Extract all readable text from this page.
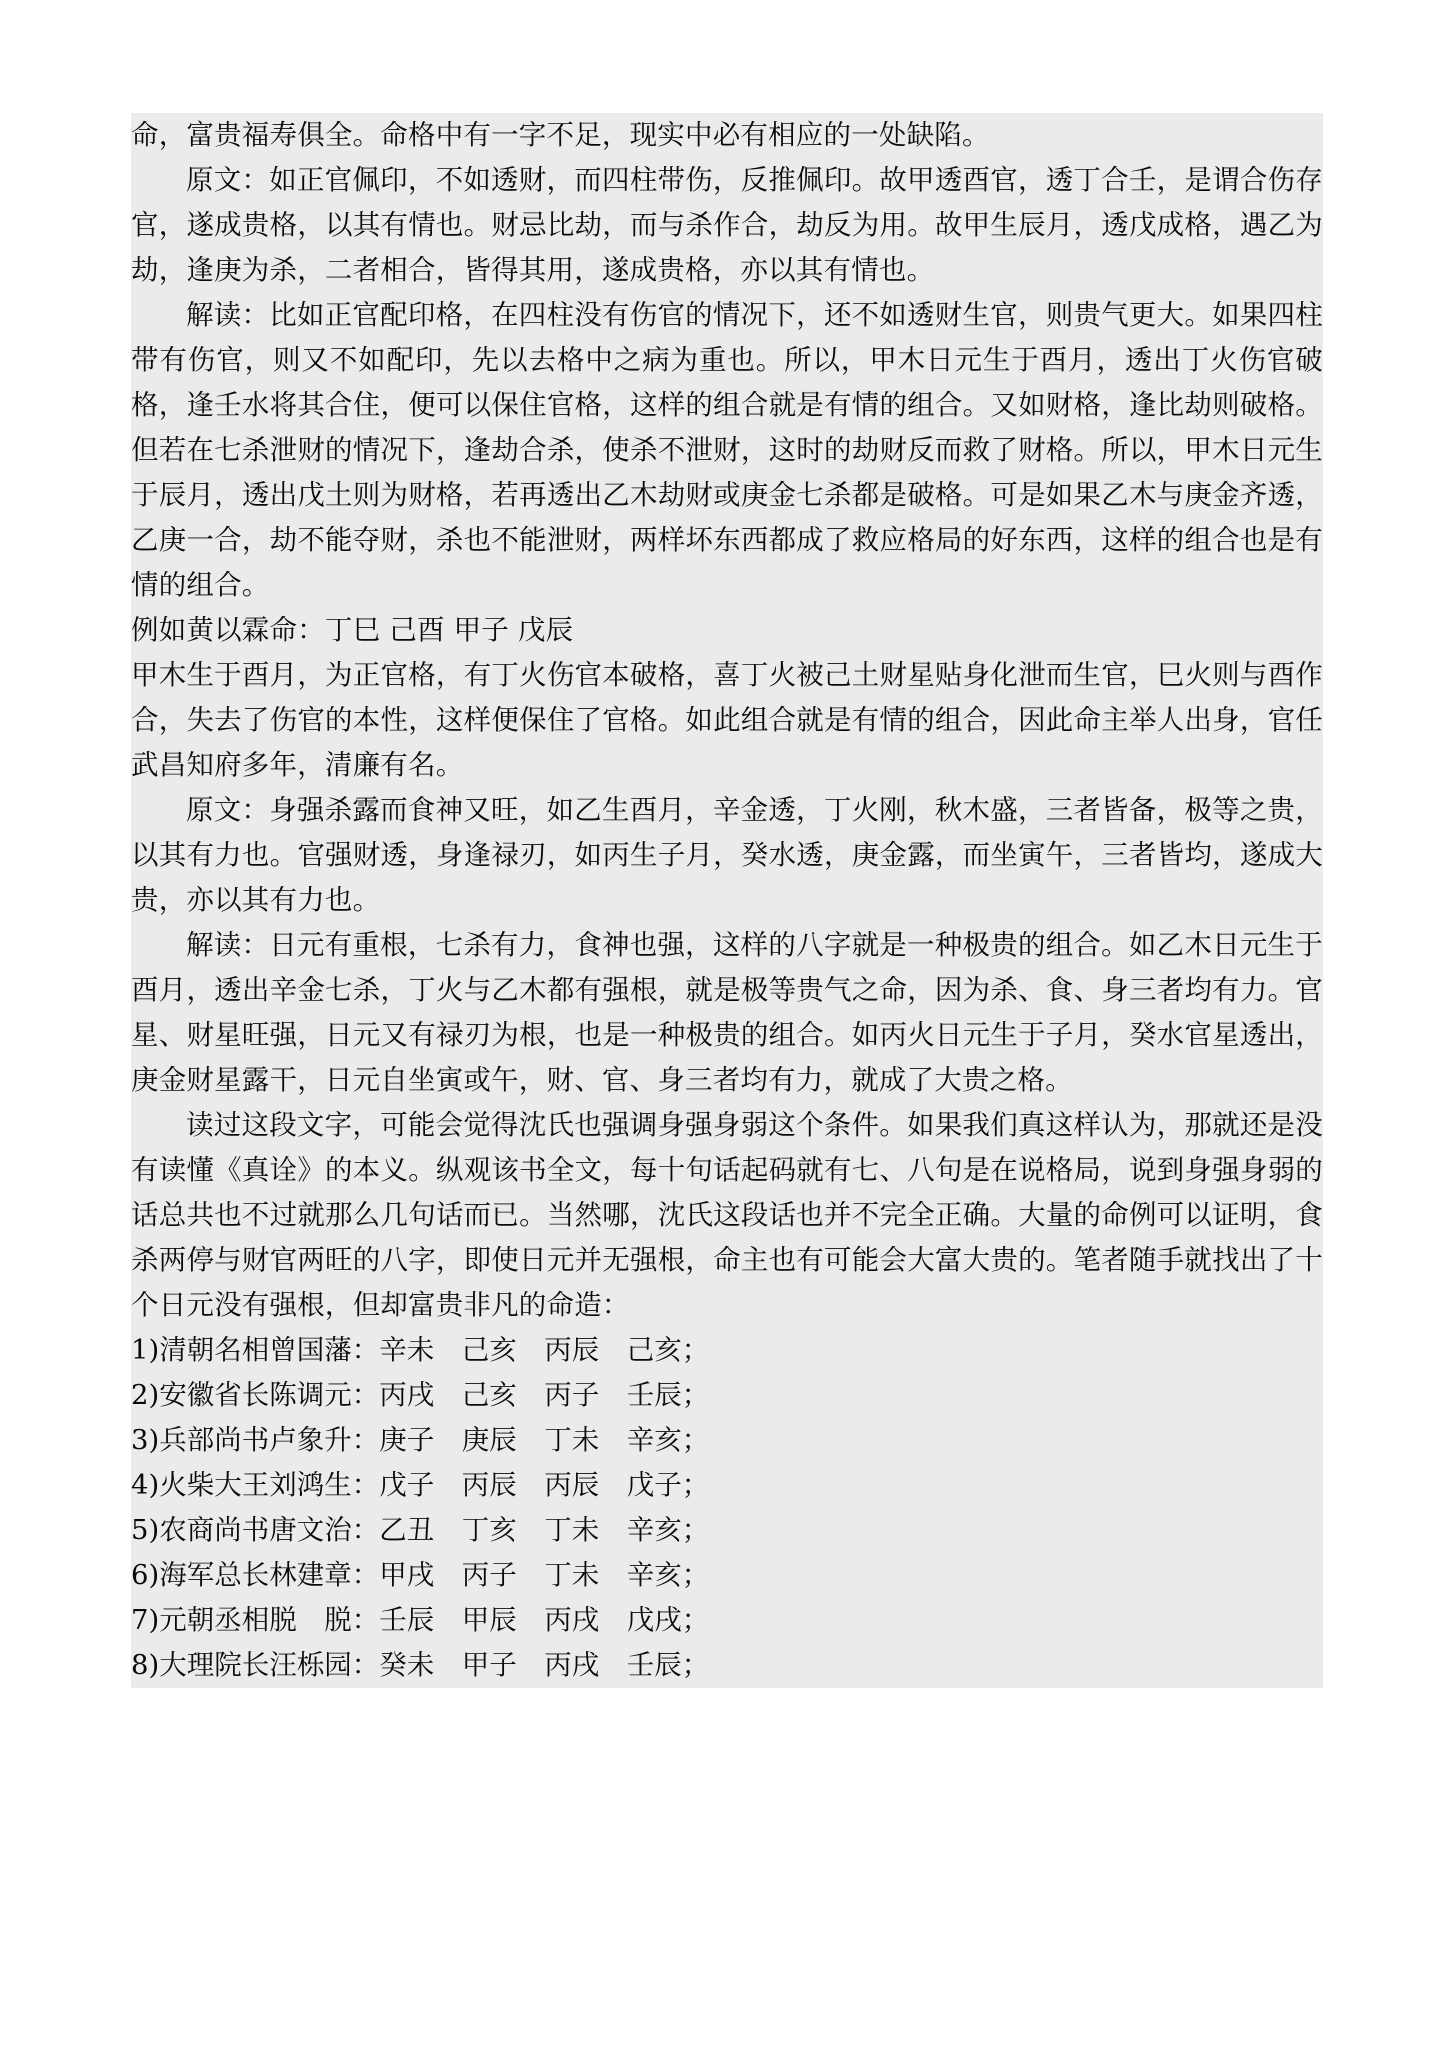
命，富贵福寿俱全。命格中有一字不足，现实中必有相应的一处缺陷。

原文：如正官佩印，不如透财，而四柱带伤，反推佩印。故甲透酉官，透丁合壬，是谓合伤存官，遂成贵格，以其有情也。财忌比劫，而与杀作合，劫反为用。故甲生辰月，透戊成格，遇乙为劫，逢庚为杀，二者相合，皆得其用，遂成贵格，亦以其有情也。

解读：比如正官配印格，在四柱没有伤官的情况下，还不如透财生官，则贵气更大。如果四柱带有伤官，则又不如配印，先以去格中之病为重也。所以，甲木日元生于酉月，透出丁火伤官破格，逢壬水将其合住，便可以保住官格，这样的组合就是有情的组合。又如财格，逢比劫则破格。但若在七杀泄财的情况下，逢劫合杀，使杀不泄财，这时的劫财反而救了财格。所以，甲木日元生于辰月，透出戊土则为财格，若再透出乙木劫财或庚金七杀都是破格。可是如果乙木与庚金齐透，乙庚一合，劫不能夺财，杀也不能泄财，两样坏东西都成了救应格局的好东西，这样的组合也是有情的组合。

例如黄以霖命：丁巳 己酉 甲子 戊辰

甲木生于酉月，为正官格，有丁火伤官本破格，喜丁火被己土财星贴身化泄而生官，巳火则与酉作合，失去了伤官的本性，这样便保住了官格。如此组合就是有情的组合，因此命主举人出身，官任武昌知府多年，清廉有名。

原文：身强杀露而食神又旺，如乙生酉月，辛金透，丁火刚，秋木盛，三者皆备，极等之贵，以其有力也。官强财透，身逢禄刃，如丙生子月，癸水透，庚金露，而坐寅午，三者皆均，遂成大贵，亦以其有力也。

解读：日元有重根，七杀有力，食神也强，这样的八字就是一种极贵的组合。如乙木日元生于酉月，透出辛金七杀，丁火与乙木都有强根，就是极等贵气之命，因为杀、食、身三者均有力。官星、财星旺强，日元又有禄刃为根，也是一种极贵的组合。如丙火日元生于子月，癸水官星透出，庚金财星露干，日元自坐寅或午，财、官、身三者均有力，就成了大贵之格。

读过这段文字，可能会觉得沈氏也强调身强身弱这个条件。如果我们真这样认为，那就还是没有读懂《真诠》的本义。纵观该书全文，每十句话起码就有七、八句是在说格局，说到身强身弱的话总共也不过就那么几句话而已。当然哪，沈氏这段话也并不完全正确。大量的命例可以证明，食杀两停与财官两旺的八字，即使日元并无强根，命主也有可能会大富大贵的。笔者随手就找出了十个日元没有强根，但却富贵非凡的命造：

1)清朝名相曾国藩：辛未　己亥　丙辰　己亥；

2)安徽省长陈调元：丙戌　己亥　丙子　壬辰；

3)兵部尚书卢象升：庚子　庚辰　丁未　辛亥；

4)火柴大王刘鸿生：戊子　丙辰　丙辰　戊子；

5)农商尚书唐文治：乙丑　丁亥　丁未　辛亥；

6)海军总长林建章：甲戌　丙子　丁未　辛亥；

7)元朝丞相脱　脱：壬辰　甲辰　丙戌　戊戌；

8)大理院长汪栎园：癸未　甲子　丙戌　壬辰；
